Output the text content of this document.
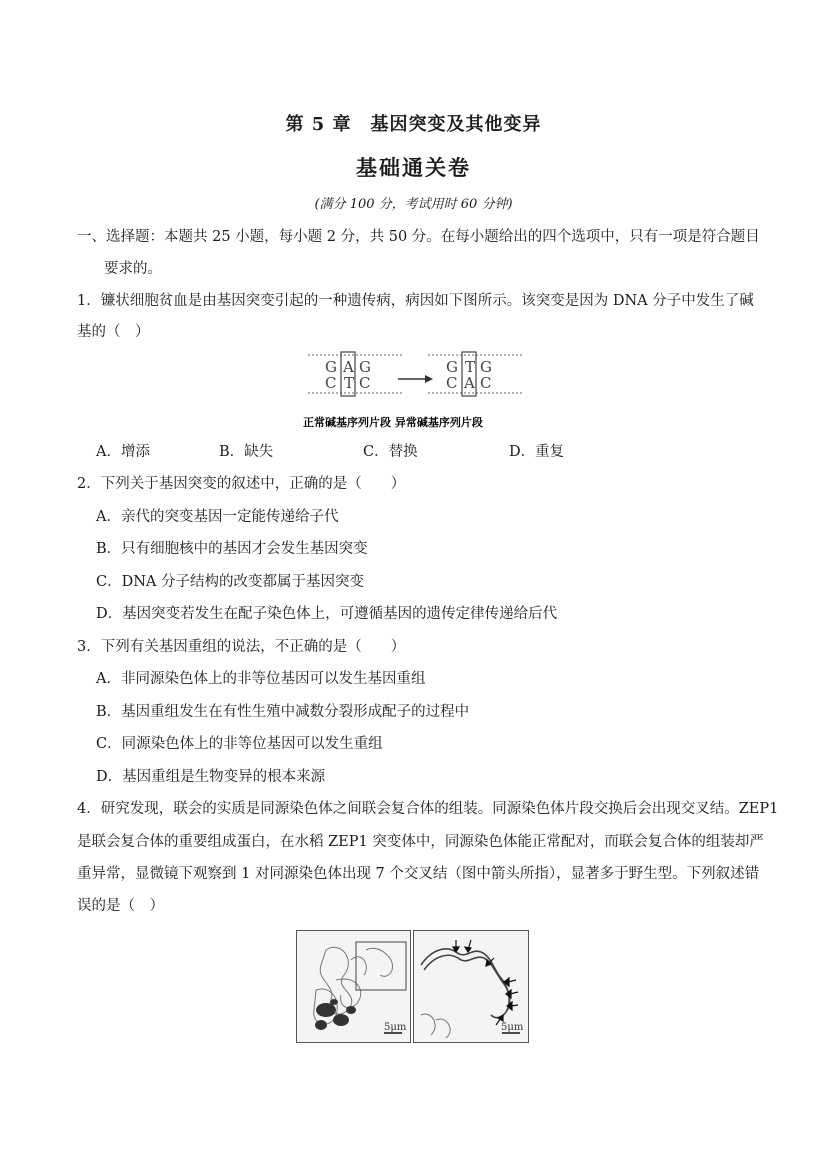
第 5 章　基因突变及其他变异
基础通关卷
(满分 100 分，考试用时 60 分钟)
一、选择题：本题共 25 小题，每小题 2 分，共 50 分。在每小题给出的四个选项中，只有一项是符合题目
要求的。
1．镰状细胞贫血是由基因突变引起的一种遗传病，病因如下图所示。该突变是因为 DNA 分子中发生了碱
基的（　）
G A G
C T C
G T G
C A C
正常碱基序列片段 异常碱基序列片段
A．增添	B．缺失	C．替换	D．重复
2．下列关于基因突变的叙述中，正确的是（　　）
A．亲代的突变基因一定能传递给子代
B．只有细胞核中的基因才会发生基因突变
C．DNA 分子结构的改变都属于基因突变
D．基因突变若发生在配子染色体上，可遵循基因的遗传定律传递给后代
3．下列有关基因重组的说法，不正确的是（　　）
A．非同源染色体上的非等位基因可以发生基因重组
B．基因重组发生在有性生殖中减数分裂形成配子的过程中
C．同源染色体上的非等位基因可以发生重组
D．基因重组是生物变异的根本来源
4．研究发现，联会的实质是同源染色体之间联会复合体的组装。同源染色体片段交换后会出现交叉结。ZEP1
是联会复合体的重要组成蛋白，在水稻 ZEP1 突变体中，同源染色体能正常配对，而联会复合体的组装却严
重异常，显微镜下观察到 1 对同源染色体出现 7 个交叉结（图中箭头所指），显著多于野生型。下列叙述错
误的是（　）
5μm	5μm
